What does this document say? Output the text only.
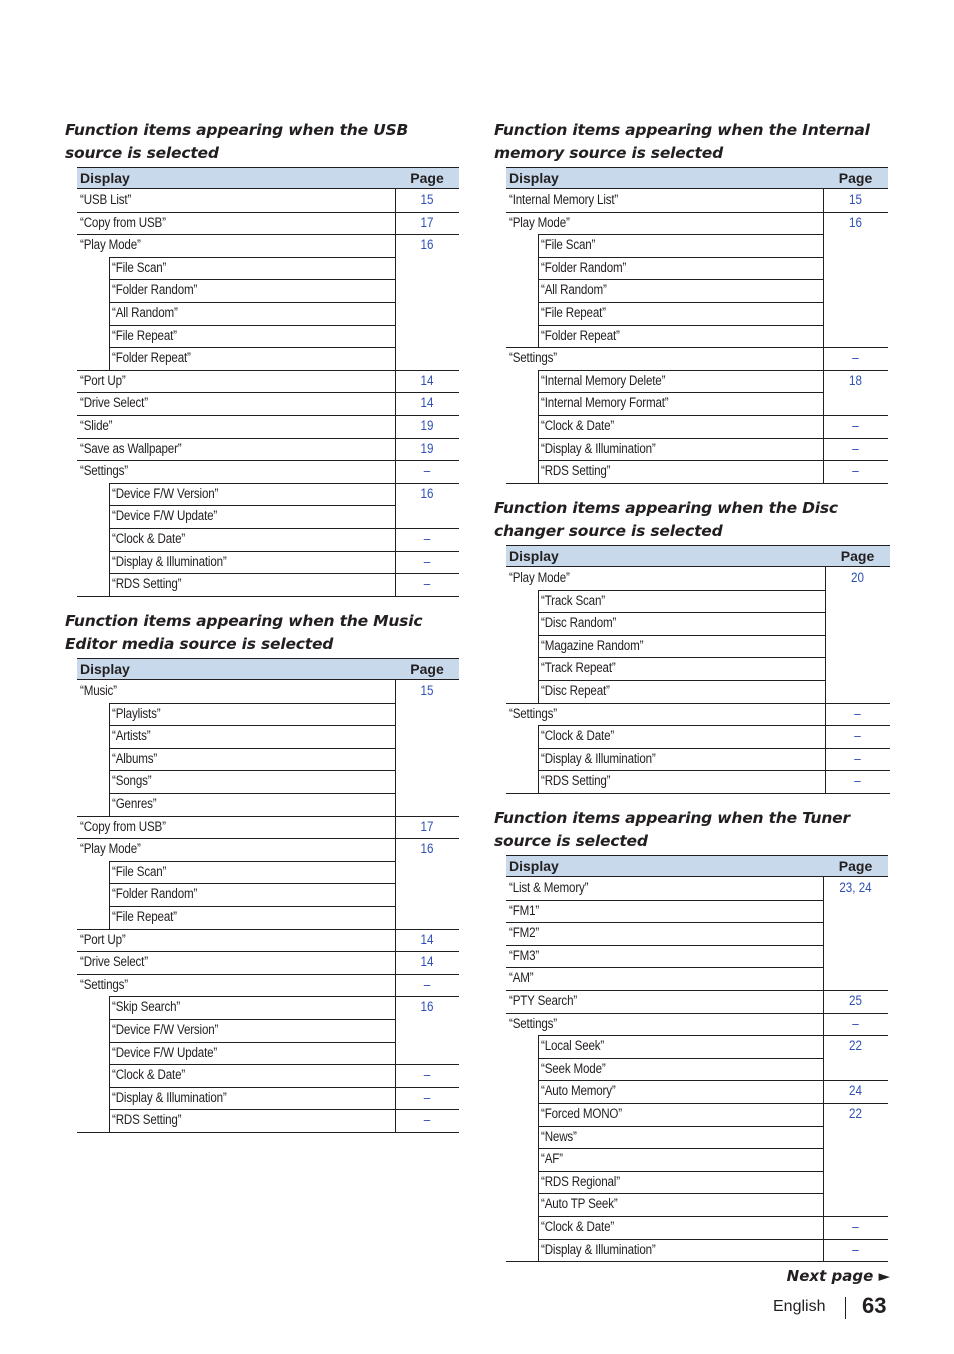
Function items appearing when the USB source is selected
Display	Page
“USB List”	15
“Copy from USB”	17
“Play Mode”	16
“File Scan”
“Folder Random”
“All Random”
“File Repeat”
“Folder Repeat”
“Port Up”	14
“Drive Select”	14
“Slide”	19
“Save as Wallpaper”	19
“Settings”	–
“Device F/W Version”	16
“Device F/W Update”
“Clock & Date”	–
“Display & Illumination”	–
“RDS Setting”	–
Function items appearing when the Music Editor media source is selected
Display	Page
“Music”	15
“Playlists”
“Artists”
“Albums”
“Songs”
“Genres”
“Copy from USB”	17
“Play Mode”	16
“File Scan”
“Folder Random”
“File Repeat”
“Port Up”	14
“Drive Select”	14
“Settings”	–
“Skip Search”	16
“Device F/W Version”
“Device F/W Update”
“Clock & Date”	–
“Display & Illumination”	–
“RDS Setting”	–
Function items appearing when the Internal memory source is selected
Display	Page
“Internal Memory List”	15
“Play Mode”	16
“File Scan”
“Folder Random”
“All Random”
“File Repeat”
“Folder Repeat”
“Settings”	–
“Internal Memory Delete”	18
“Internal Memory Format”
“Clock & Date”	–
“Display & Illumination”	–
“RDS Setting”	–
Function items appearing when the Disc changer source is selected
Display	Page
“Play Mode”	20
“Track Scan”
“Disc Random”
“Magazine Random”
“Track Repeat”
“Disc Repeat”
“Settings”	–
“Clock & Date”	–
“Display & Illumination”	–
“RDS Setting”	–
Function items appearing when the Tuner source is selected
Display	Page
“List & Memory”	23, 24
“FM1”
“FM2”
“FM3”
“AM”
“PTY Search”	25
“Settings”	–
“Local Seek”	22
“Seek Mode”
“Auto Memory”	24
“Forced MONO”	22
“News”
“AF”
“RDS Regional”
“Auto TP Seek”
“Clock & Date”	–
“Display & Illumination”	–
Next page ►
English 63
